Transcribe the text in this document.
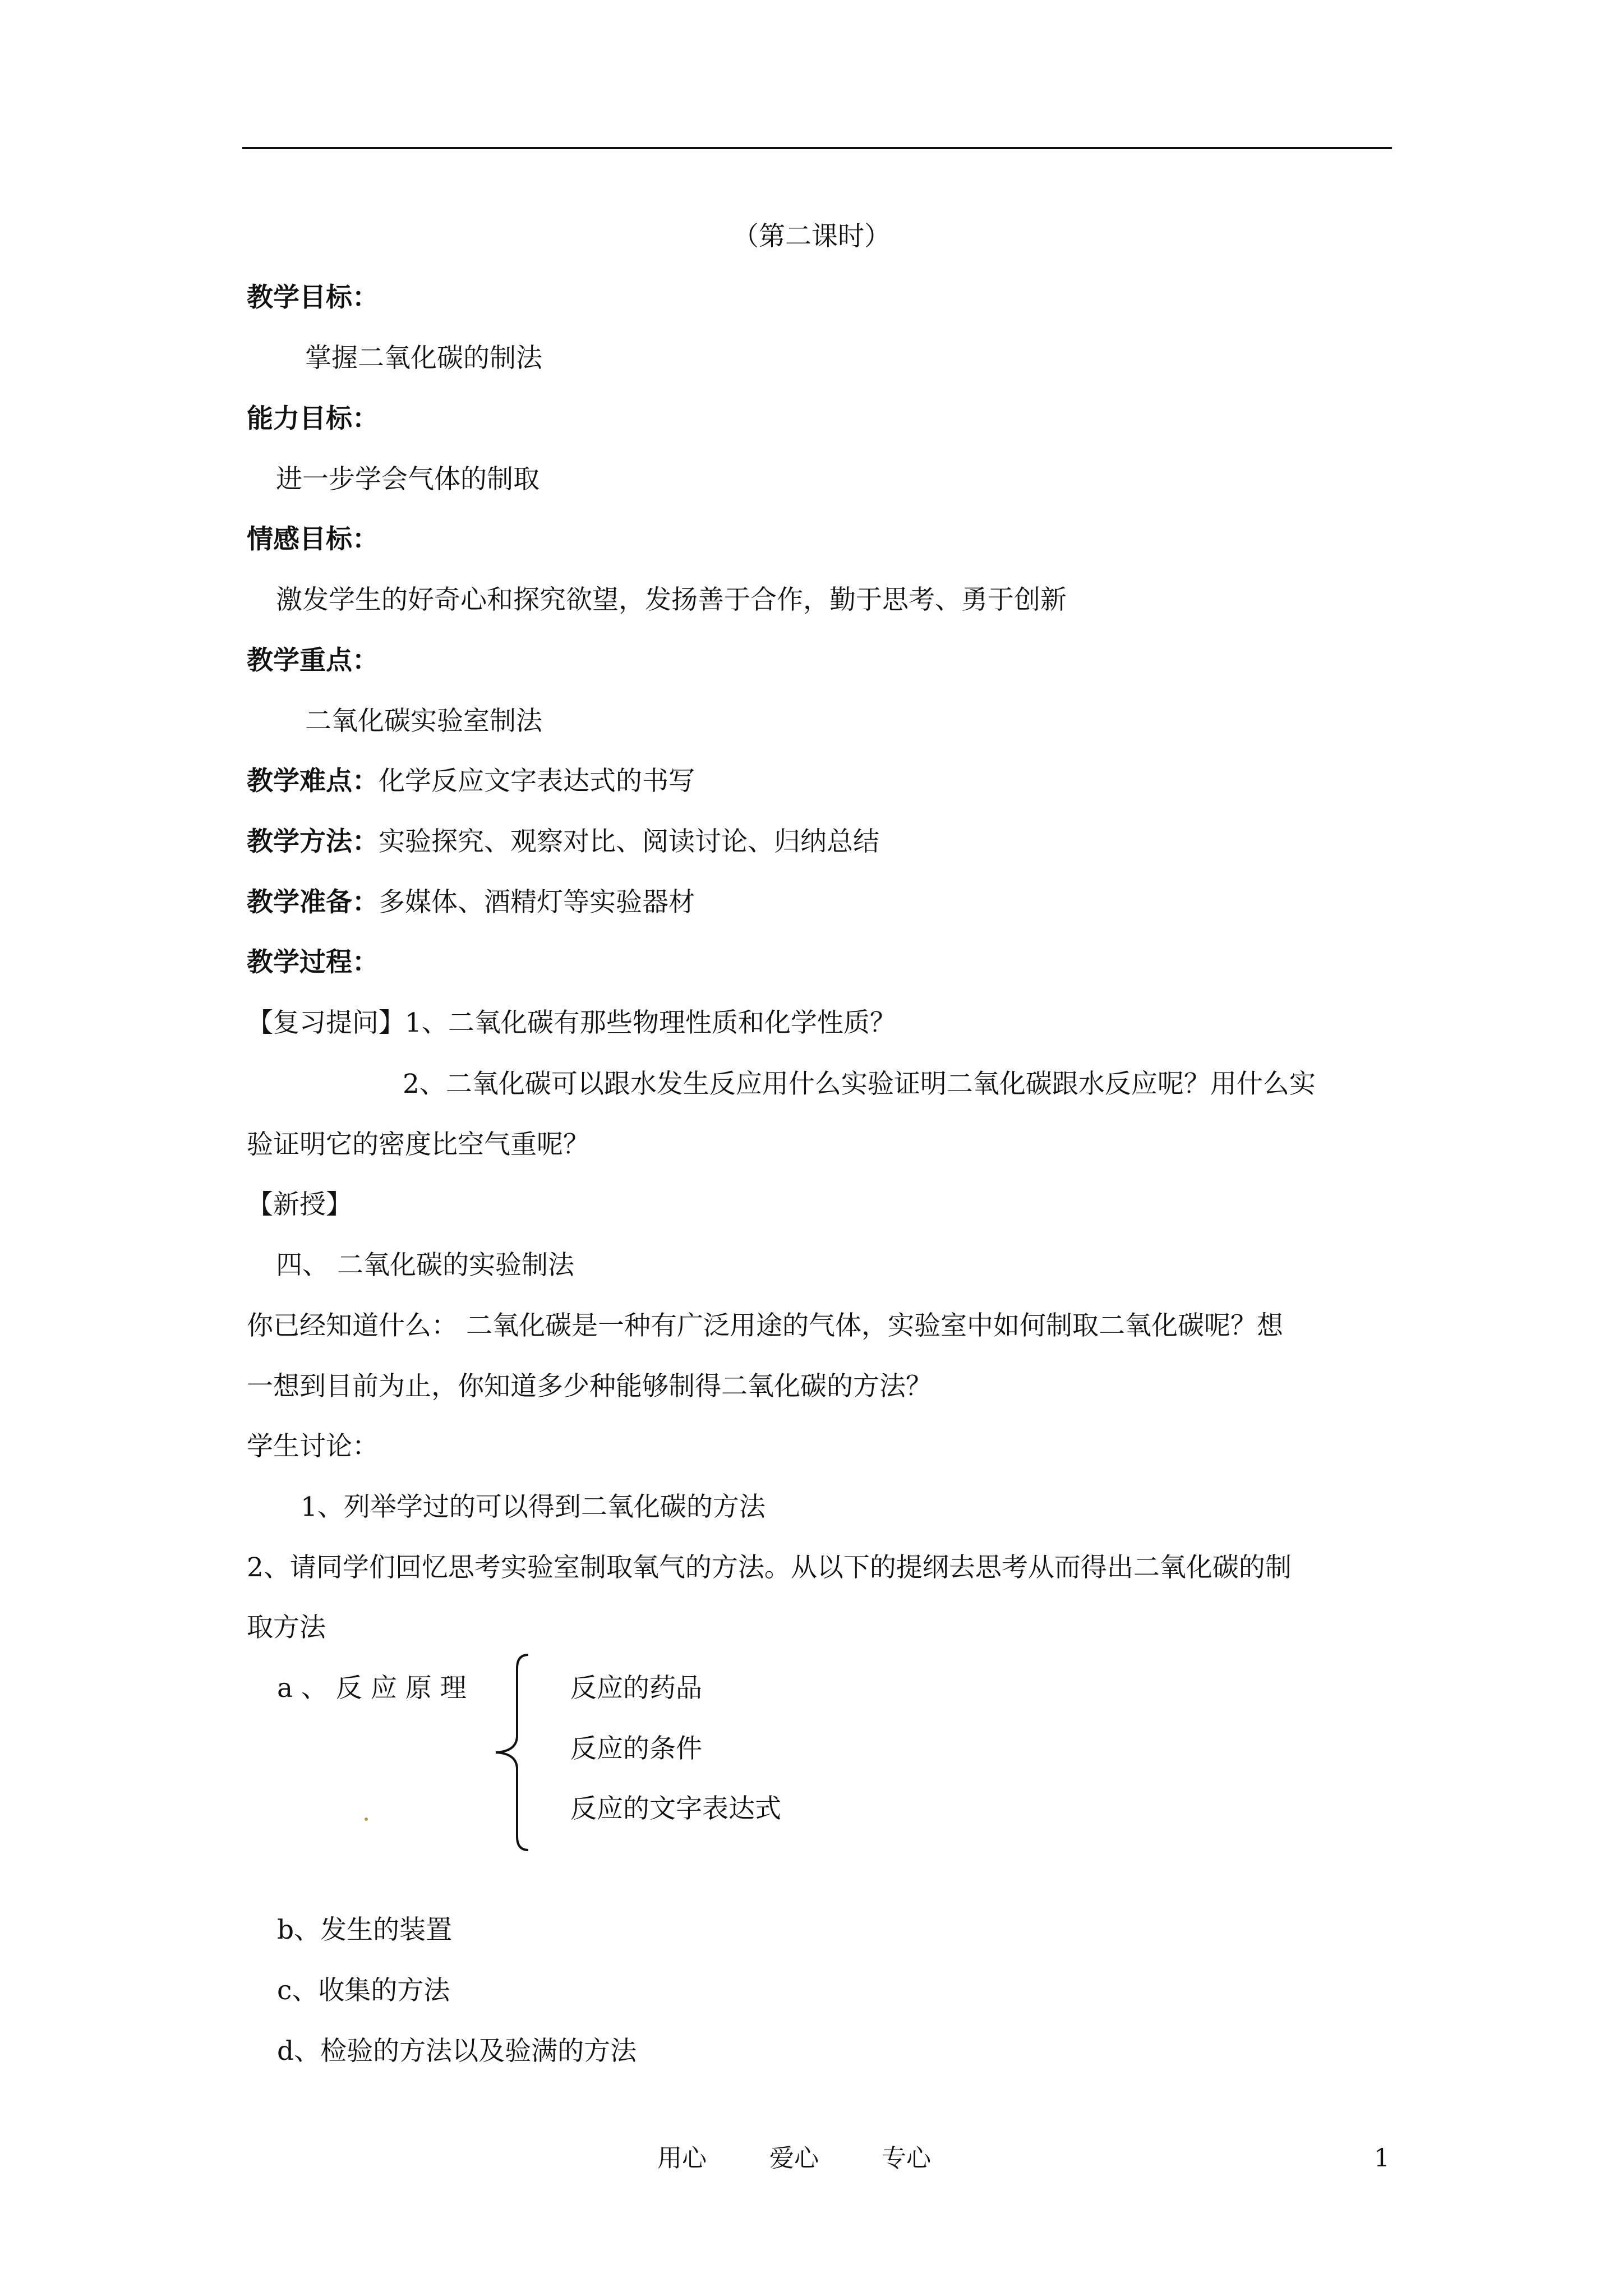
（第二课时）
教学目标：
掌握二氧化碳的制法
能力目标：
进一步学会气体的制取
情感目标：
激发学生的好奇心和探究欲望，发扬善于合作，勤于思考、勇于创新
教学重点：
二氧化碳实验室制法
教学难点：化学反应文字表达式的书写
教学方法：实验探究、观察对比、阅读讨论、归纳总结
教学准备：多媒体、酒精灯等实验器材
教学过程：
【复习提问】1、二氧化碳有那些物理性质和化学性质？
2、二氧化碳可以跟水发生反应用什么实验证明二氧化碳跟水反应呢？用什么实
验证明它的密度比空气重呢？
【新授】
四、 二氧化碳的实验制法
你已经知道什么： 二氧化碳是一种有广泛用途的气体，实验室中如何制取二氧化碳呢？想
一想到目前为止，你知道多少种能够制得二氧化碳的方法？
学生讨论：
1、列举学过的可以得到二氧化碳的方法
2、请同学们回忆思考实验室制取氧气的方法。从以下的提纲去思考从而得出二氧化碳的制
取方法
a 、 反 应 原 理	反应的药品
反应的条件
反应的文字表达式
b、发生的装置
c、收集的方法
d、检验的方法以及验满的方法
用心	爱心	专心	1
